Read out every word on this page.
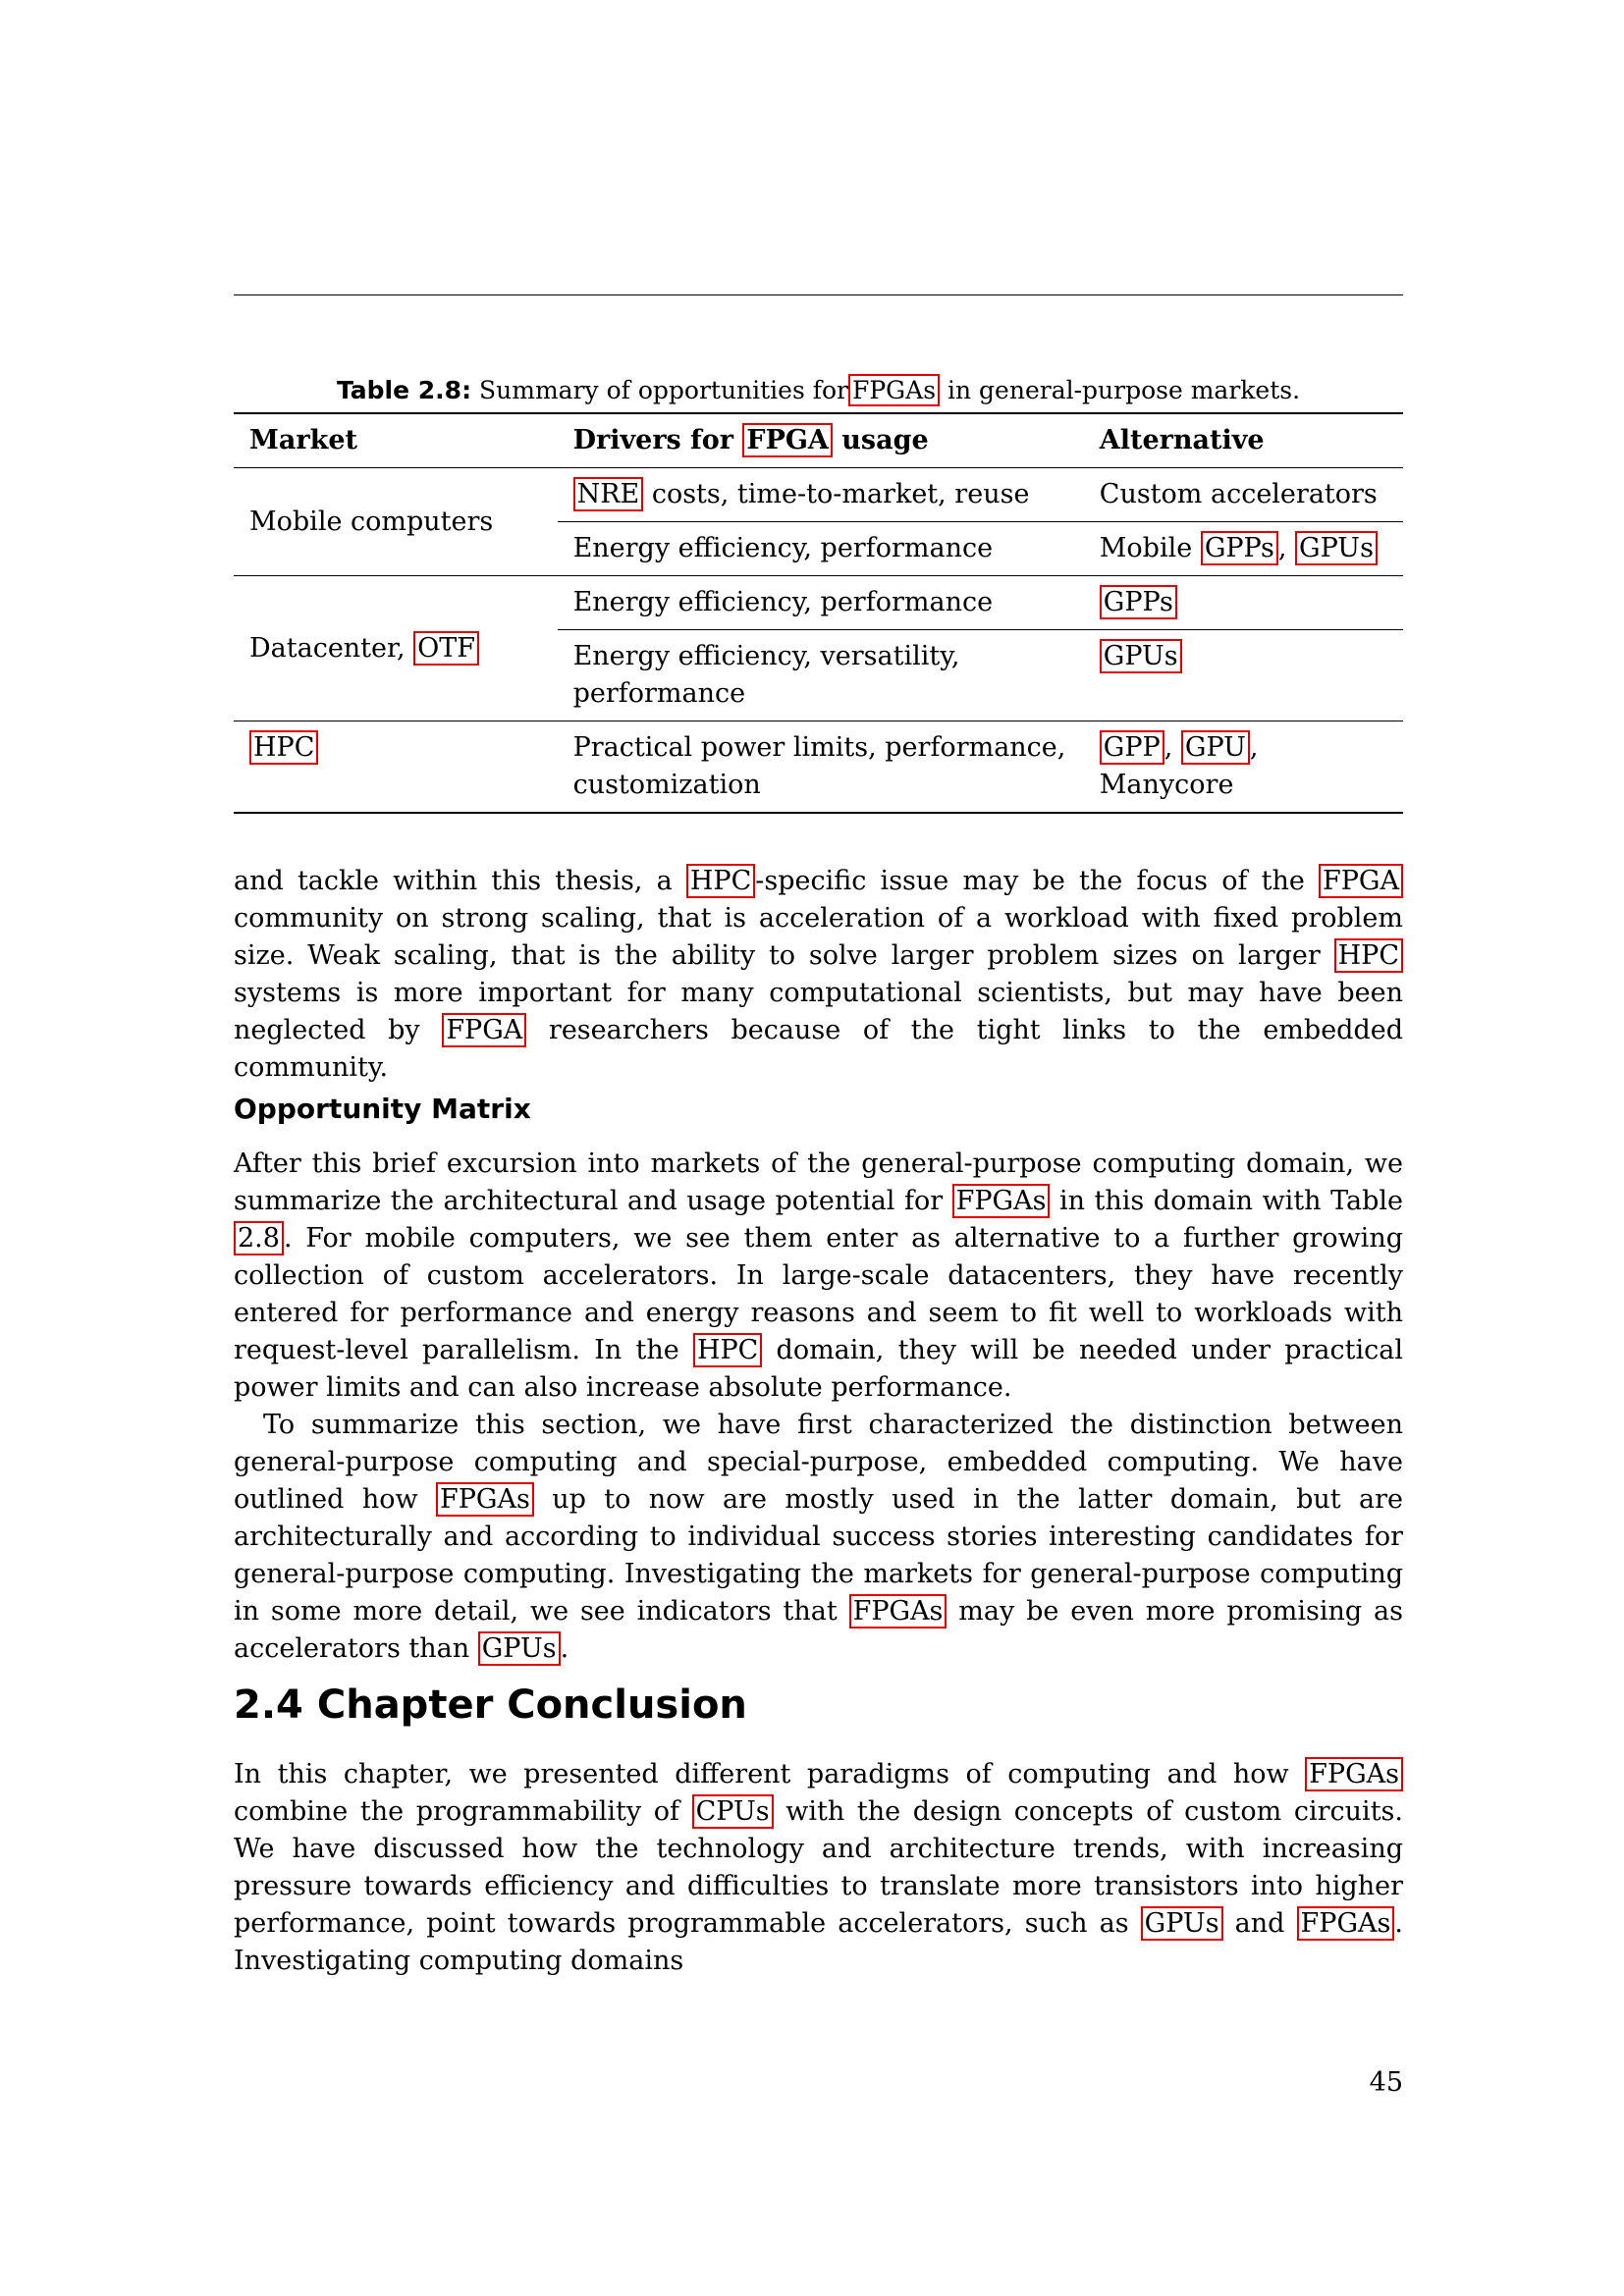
Table 2.8: Summary of opportunities for FPGAs in general-purpose markets.
Market	Drivers for FPGA usage	Alternative
Mobile computers	NRE costs, time-to-market, reuse	Custom accelerators
	Energy efficiency, performance	Mobile GPPs , GPUs
Datacenter, OTF	Energy efficiency, performance	GPPs
	Energy efficiency, versatility, performance	GPUs
HPC	Practical power limits, performance, customization	GPP , GPU , Manycore

and tackle within this thesis, a HPC -specific issue may be the focus of the FPGA community on strong scaling, that is acceleration of a workload with fixed problem size. Weak scaling, that is the ability to solve larger problem sizes on larger HPC systems is more important for many computational scientists, but may have been neglected by FPGA researchers because of the tight links to the embedded community.

Opportunity Matrix

After this brief excursion into markets of the general-purpose computing domain, we summarize the architectural and usage potential for FPGAs in this domain with Table 2.8 . For mobile computers, we see them enter as alternative to a further growing collection of custom accelerators. In large-scale datacenters, they have recently entered for performance and energy reasons and seem to fit well to workloads with request-level parallelism. In the HPC domain, they will be needed under practical power limits and can also increase absolute performance.

To summarize this section, we have first characterized the distinction between general-purpose computing and special-purpose, embedded computing. We have outlined how FPGAs up to now are mostly used in the latter domain, but are architecturally and according to individual success stories interesting candidates for general-purpose computing. Investigating the markets for general-purpose computing in some more detail, we see indicators that FPGAs may be even more promising as accelerators than GPUs .

2.4 Chapter Conclusion

In this chapter, we presented different paradigms of computing and how FPGAs combine the programmability of CPUs with the design concepts of custom circuits. We have discussed how the technology and architecture trends, with increasing pressure towards efficiency and difficulties to translate more transistors into higher performance, point towards programmable accelerators, such as GPUs and FPGAs . Investigating computing domains

45
